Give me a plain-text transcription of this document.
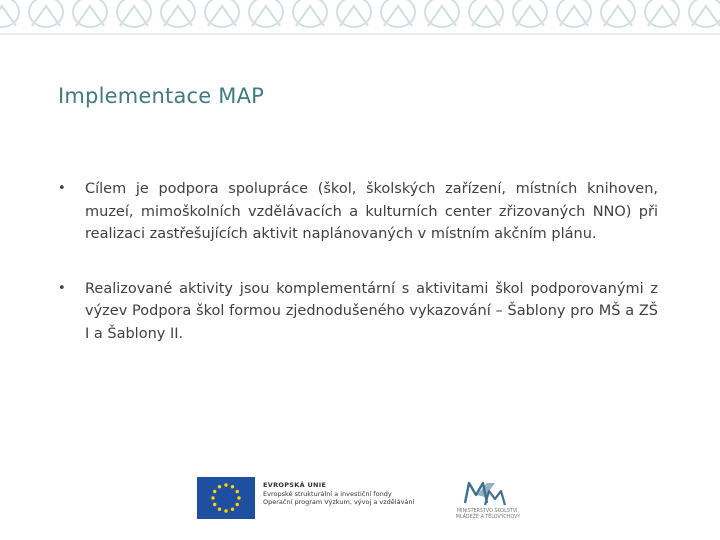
Implementace MAP
•	Cílem je podpora spolupráce (škol, školských zařízení, místních knihoven, muzeí, mimoškolních vzdělávacích a kulturních center zřizovaných NNO) při realizaci zastřešujících aktivit naplánovaných v místním akčním plánu.
•	Realizované aktivity jsou komplementární s aktivitami škol podporovanými z výzev Podpora škol formou zjednodušeného vykazování – Šablony pro MŠ a ZŠ I a Šablony II.
EVROPSKÁ UNIE
Evropské strukturální a investiční fondy
Operační program Výzkum, vývoj a vzdělávání
MINISTERSTVO ŠKOLSTVÍ,
MLÁDEŽE A TĚLOVÝCHOVY
